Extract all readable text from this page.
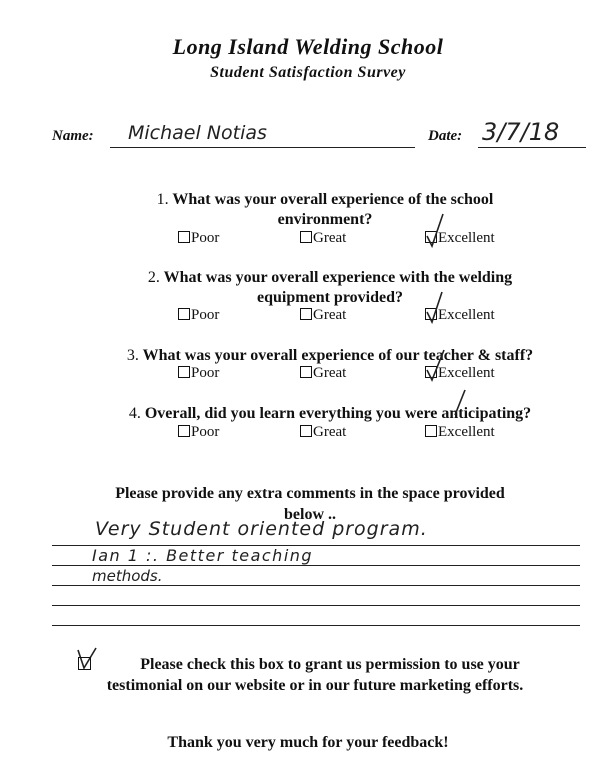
Long Island Welding School
Student Satisfaction Survey
Name: Michael Notias	Date: 3/7/18
1. What was your overall experience of the school
environment?
Poor	Great	Excellent
2. What was your overall experience with the welding
equipment provided?
Poor	Great	Excellent
3. What was your overall experience of our teacher & staff?
Poor	Great	Excellent
4. Overall, did you learn everything you were anticipating?
Poor	Great	Excellent
Please provide any extra comments in the space provided
below ..
Very Student oriented program.
Ian 1 :. Better teaching
methods.
Please check this box to grant us permission to use your
testimonial on our website or in our future marketing efforts.
Thank you very much for your feedback!
